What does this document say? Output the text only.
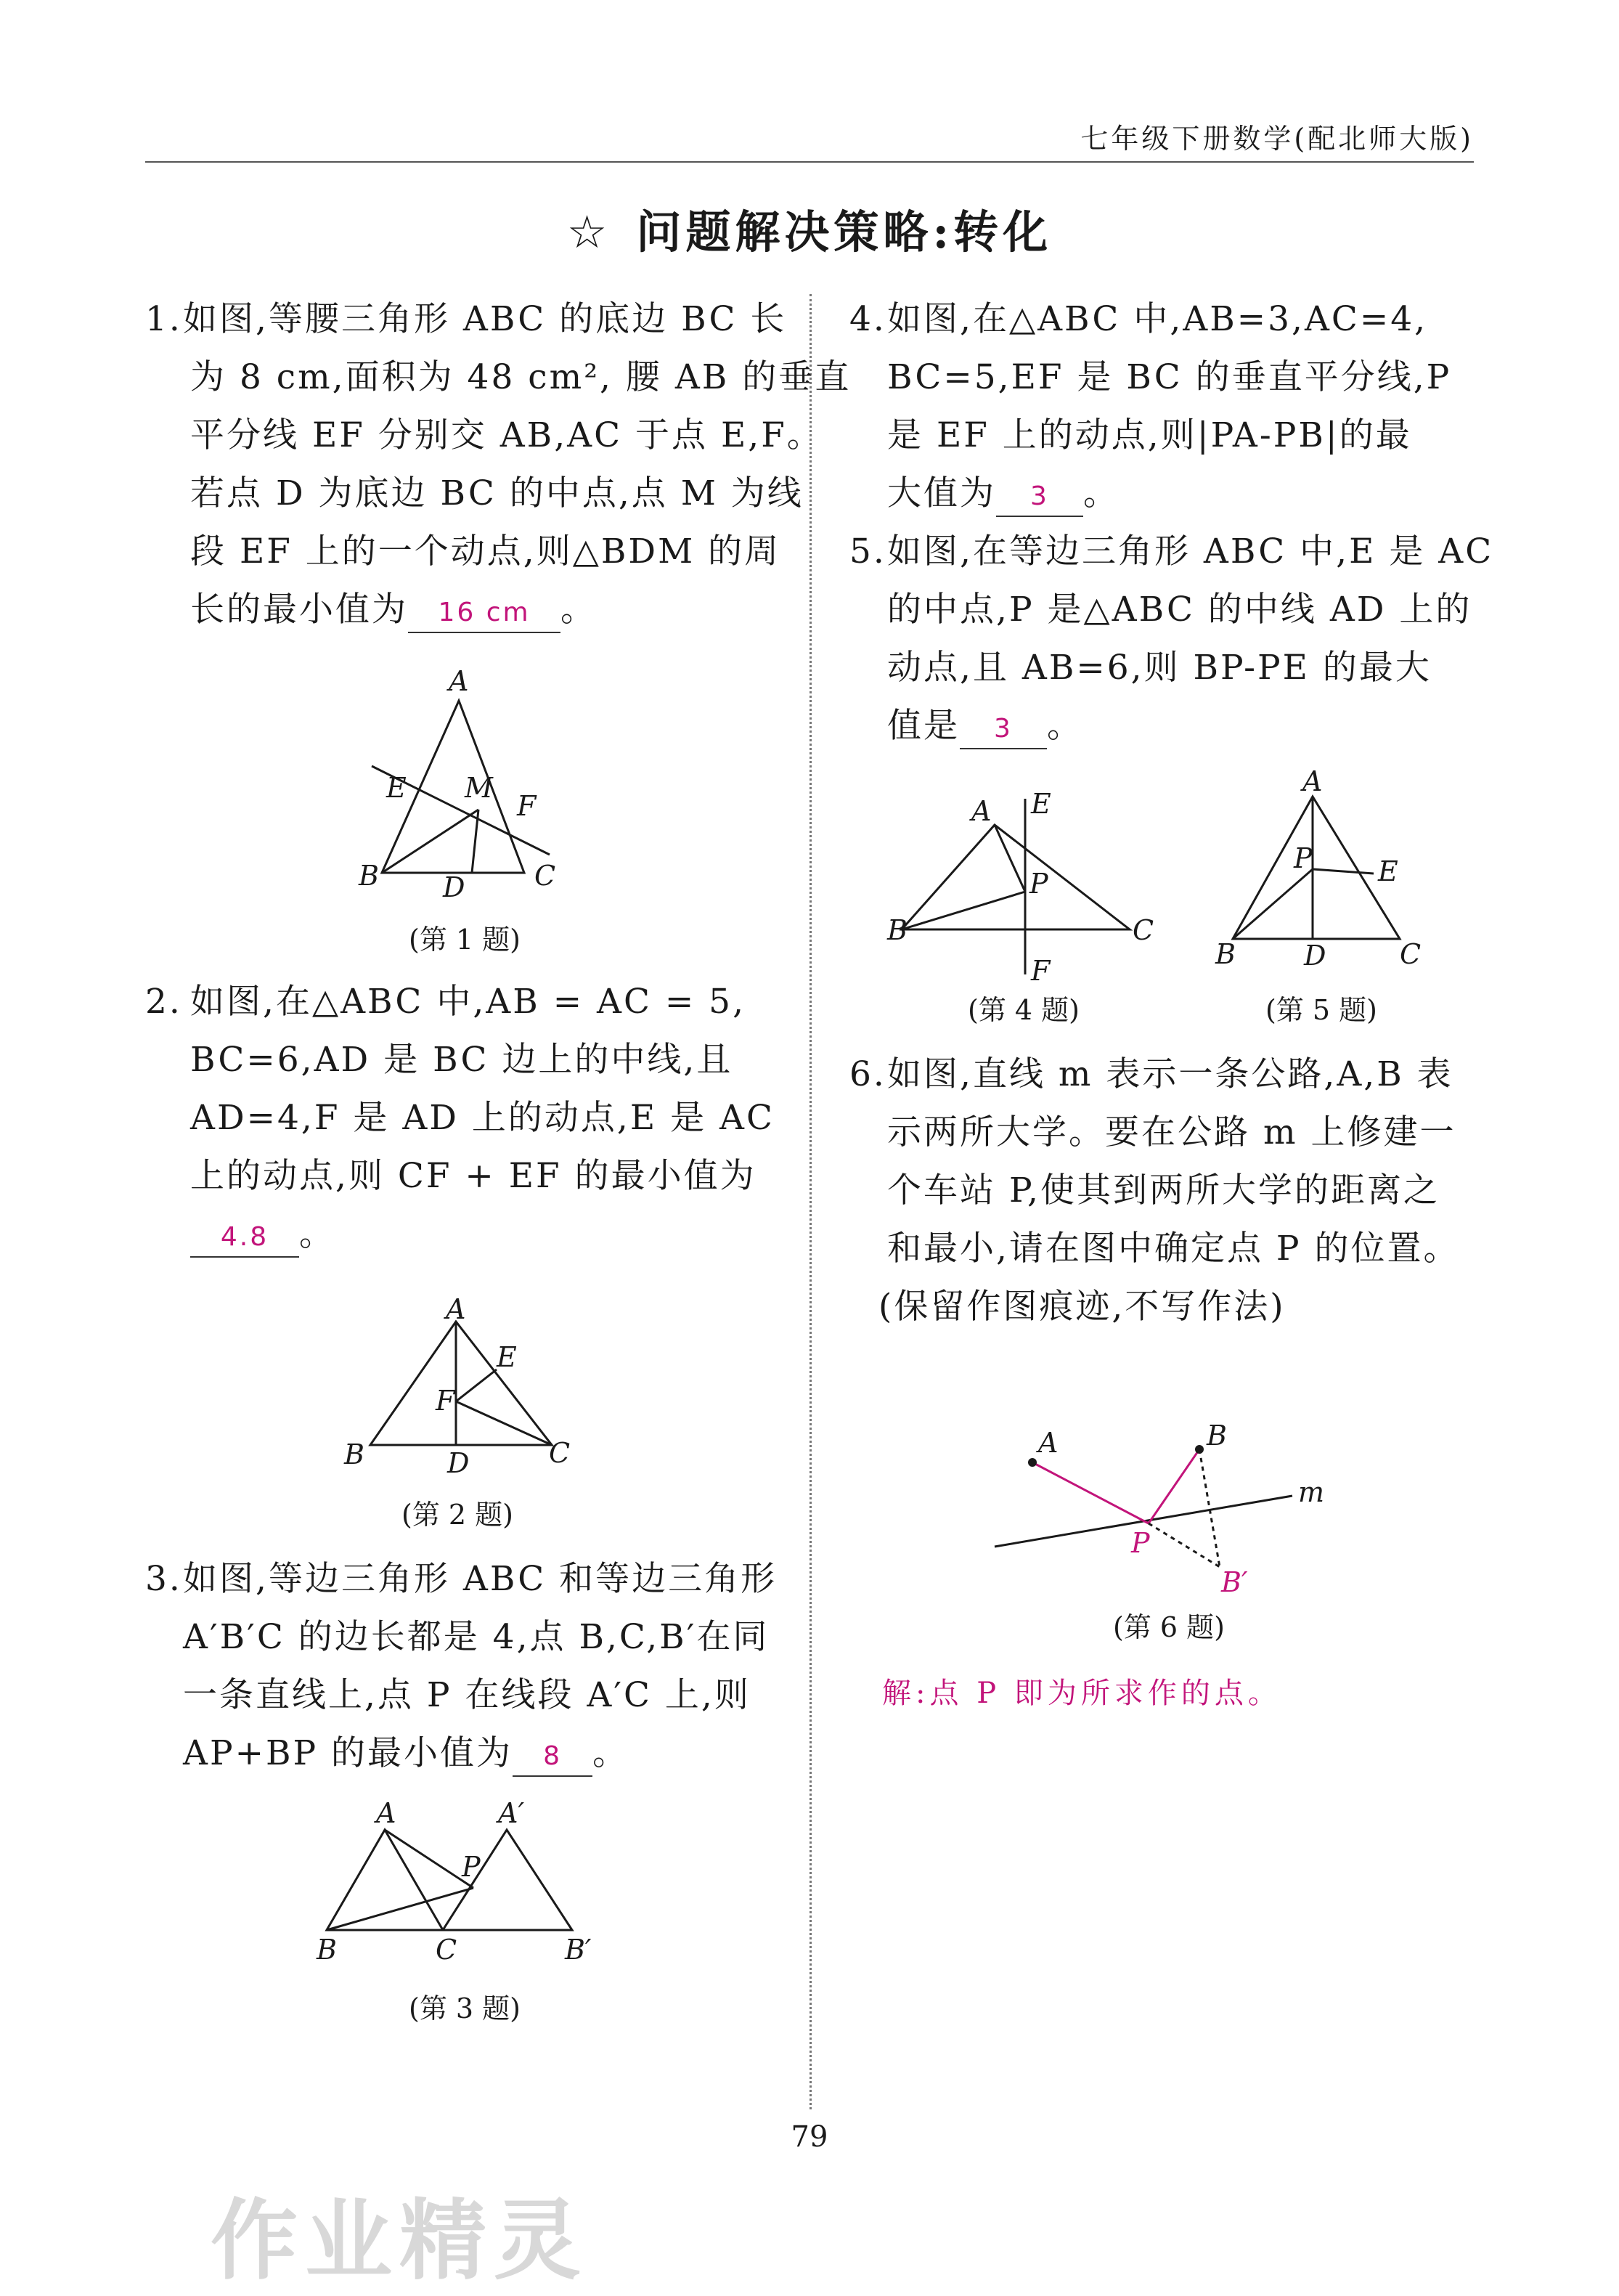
七年级下册数学(配北师大版)
☆ 问题解决策略:转化
1. 如图,等腰三角形 ABC 的底边 BC 长
为 8 cm,面积为 48 cm², 腰 AB 的垂直
平分线 EF 分别交 AB,AC 于点 E,F。
若点 D 为底边 BC 的中点,点 M 为线
段 EF 上的一个动点,则△BDM 的周
长的最小值为 16 cm 。
A
E M
F
B D	C
(第 1 题)
2. 如图,在△ABC 中,AB = AC = 5,
BC=6,AD 是 BC 边上的中线,且
AD=4,F 是 AD 上的动点,E 是 AC
上的动点,则 CF + EF 的最小值为
4.8 。
A
E
F
B	D	C
(第 2 题)
3. 如图,等边三角形 ABC 和等边三角形
A′B′C 的边长都是 4,点 B,C,B′在同
一条直线上,点 P 在线段 A′C 上,则
AP+BP 的最小值为 8 。
A	A′
P
B	C	B′
(第 3 题)
4. 如图,在△ABC 中,AB=3,AC=4,
BC=5,EF 是 BC 的垂直平分线,P
是 EF 上的动点,则|PA-PB|的最
大值为 3 。
5. 如图,在等边三角形 ABC 中,E 是 AC
的中点,P 是△ABC 的中线 AD 上的
动点,且 AB=6,则 BP-PE 的最大
值是 3 。
A E
P
B	C
F
(第 4 题)
A
P E
B D	C
(第 5 题)
6. 如图,直线 m 表示一条公路,A,B 表
示两所大学。要在公路 m 上修建一
个车站 P,使其到两所大学的距离之
和最小,请在图中确定点 P 的位置。
(保留作图痕迹,不写作法)
A	B
m
P
B′
(第 6 题)
解:点 P 即为所求作的点。
79
作业精灵
